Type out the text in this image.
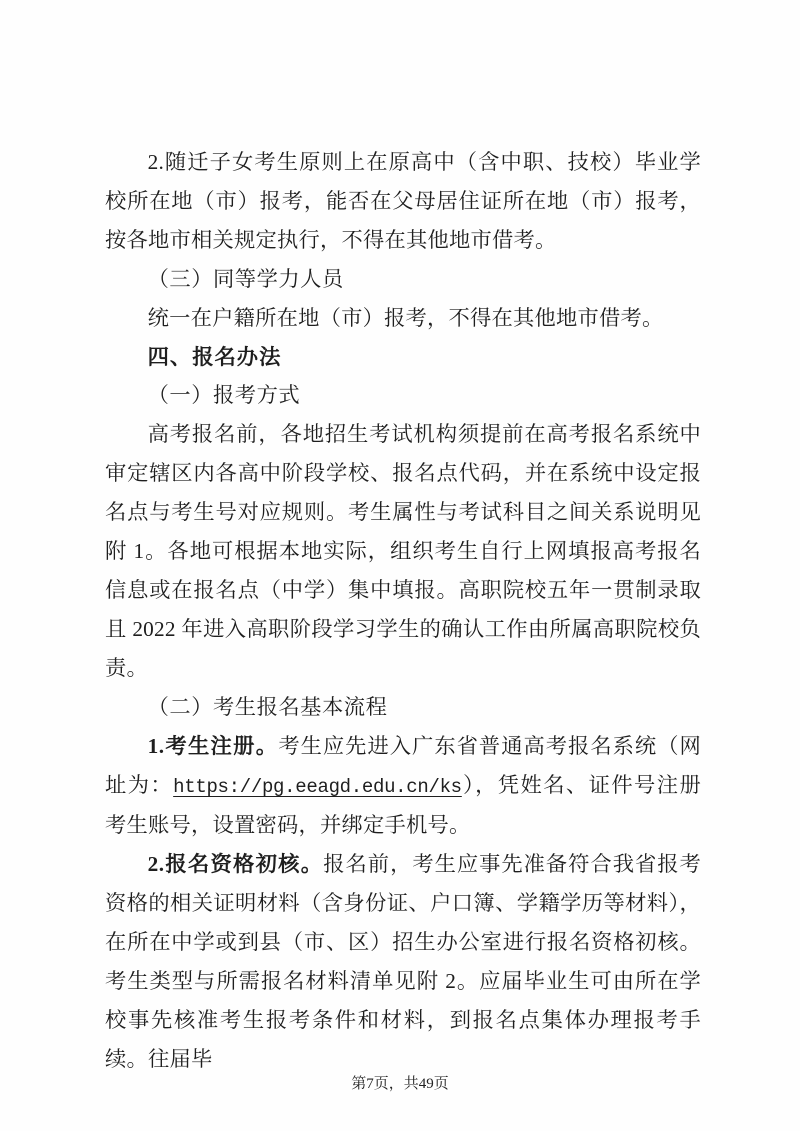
2.随迁子女考生原则上在原高中（含中职、技校）毕业学校所在地（市）报考，能否在父母居住证所在地（市）报考，按各地市相关规定执行，不得在其他地市借考。

（三）同等学力人员

统一在户籍所在地（市）报考，不得在其他地市借考。

四、报名办法

（一）报考方式

高考报名前，各地招生考试机构须提前在高考报名系统中审定辖区内各高中阶段学校、报名点代码，并在系统中设定报名点与考生号对应规则。考生属性与考试科目之间关系说明见附 1。各地可根据本地实际，组织考生自行上网填报高考报名信息或在报名点（中学）集中填报。高职院校五年一贯制录取且 2022 年进入高职阶段学习学生的确认工作由所属高职院校负责。

（二）考生报名基本流程

1.考生注册。考生应先进入广东省普通高考报名系统（网址为：https://pg.eeagd.edu.cn/ks），凭姓名、证件号注册考生账号，设置密码，并绑定手机号。

2.报名资格初核。报名前，考生应事先准备符合我省报考资格的相关证明材料（含身份证、户口簿、学籍学历等材料），在所在中学或到县（市、区）招生办公室进行报名资格初核。考生类型与所需报名材料清单见附 2。应届毕业生可由所在学校事先核准考生报考条件和材料，到报名点集体办理报考手续。往届毕

第7页，共49页
